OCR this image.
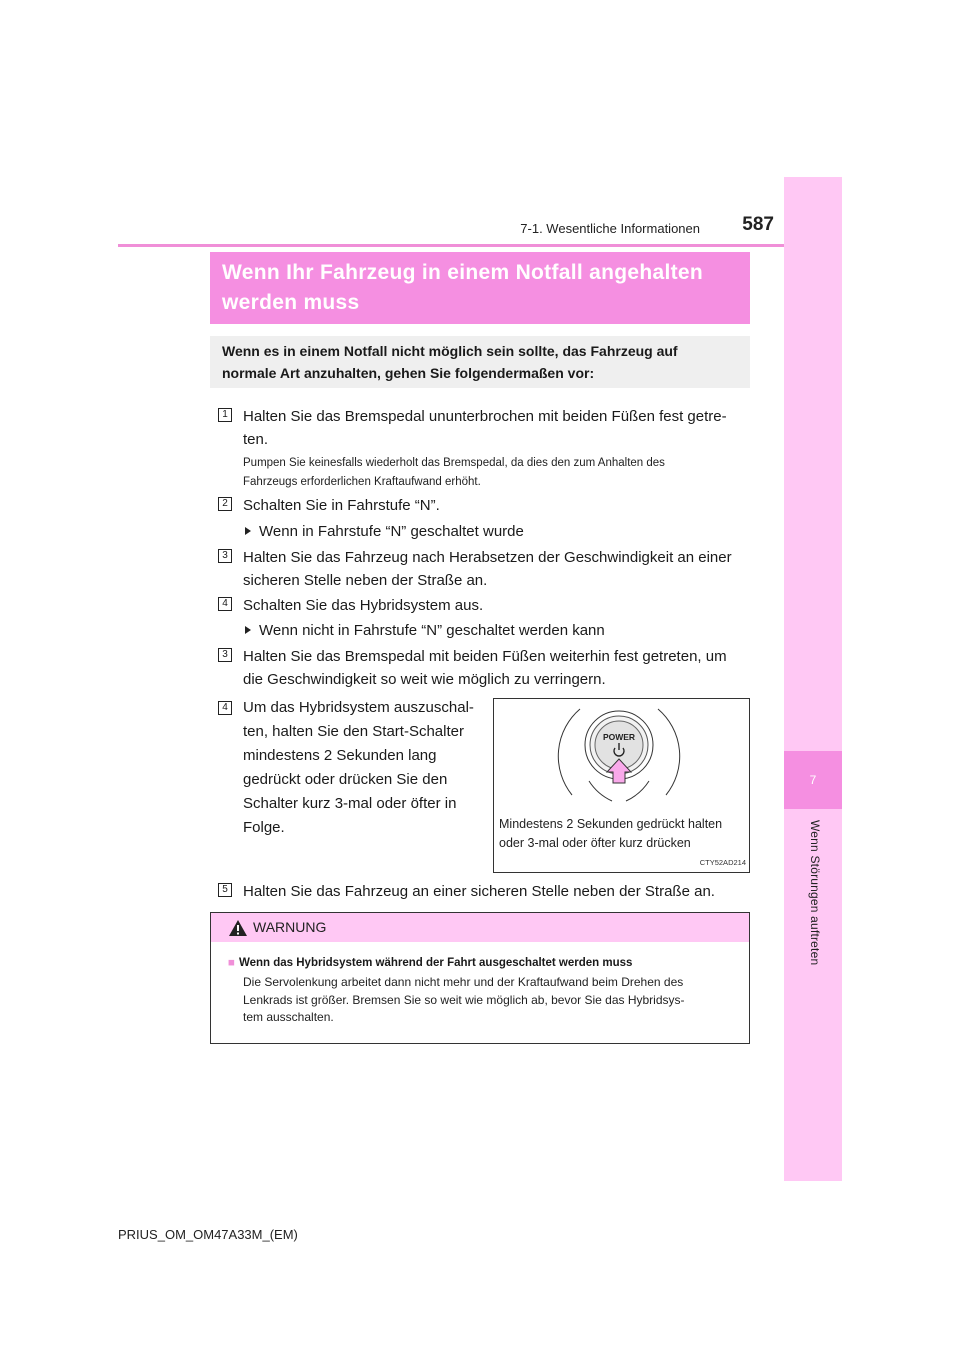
7-1. Wesentliche Informationen	587
7
Wenn Störungen auftreten
Wenn Ihr Fahrzeug in einem Notfall angehalten
werden muss
Wenn es in einem Notfall nicht möglich sein sollte, das Fahrzeug auf
normale Art anzuhalten, gehen Sie folgendermaßen vor:
1 Halten Sie das Bremspedal ununterbrochen mit beiden Füßen fest getre-
ten.
Pumpen Sie keinesfalls wiederholt das Bremspedal, da dies den zum Anhalten des
Fahrzeugs erforderlichen Kraftaufwand erhöht.
2 Schalten Sie in Fahrstufe “N”.
Wenn in Fahrstufe “N” geschaltet wurde
3 Halten Sie das Fahrzeug nach Herabsetzen der Geschwindigkeit an einer
sicheren Stelle neben der Straße an.
4 Schalten Sie das Hybridsystem aus.
Wenn nicht in Fahrstufe “N” geschaltet werden kann
3 Halten Sie das Bremspedal mit beiden Füßen weiterhin fest getreten, um
die Geschwindigkeit so weit wie möglich zu verringern.
4 Um das Hybridsystem auszuschal-
ten, halten Sie den Start-Schalter
mindestens 2 Sekunden lang
gedrückt oder drücken Sie den
Schalter kurz 3-mal oder öfter in
Folge.
POWER
Mindestens 2 Sekunden gedrückt halten
oder 3-mal oder öfter kurz drücken
CTY52AD214
5 Halten Sie das Fahrzeug an einer sicheren Stelle neben der Straße an.
WARNUNG
■ Wenn das Hybridsystem während der Fahrt ausgeschaltet werden muss
Die Servolenkung arbeitet dann nicht mehr und der Kraftaufwand beim Drehen des
Lenkrads ist größer. Bremsen Sie so weit wie möglich ab, bevor Sie das Hybridsys-
tem ausschalten.
PRIUS_OM_OM47A33M_(EM)
